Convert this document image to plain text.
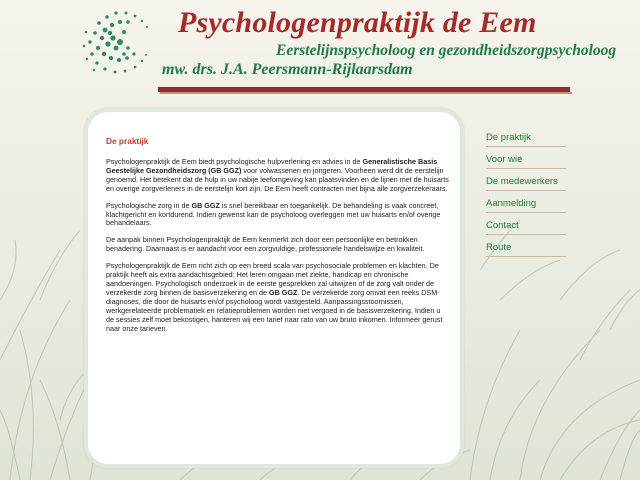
Psychologenpraktijk de Eem
Eerstelijnspsycholoog en gezondheidszorgpsycholoog
mw. drs. J.A. Peersmann-Rijlaarsdam
De praktijk

Psychologenpraktijk de Eem biedt psychologische hulpverlening en advies in de Generalistische Basis Geestelijke Gezondheidszorg (GB GGZ) voor volwassenen en jongeren. Voorheen werd dit de eerstelijn genoemd. Het betekent dat de hulp in uw nabije leefomgeving kan plaatsvinden en de lijnen met de huisarts en overige zorgverleners in de eerstelijn kort zijn. De Eem heeft contracten met bijna alle zorgverzekeraars.

Psychologische zorg in de GB GGZ is snel bereikbaar en toegankelijk. De behandeling is vaak concreet, klachtgericht en kortdurend. Indien gewenst kan de psycholoog overleggen met uw huisarts en/of overige behandelaars.

De aanpak binnen Psychologenpraktijk de Eem kenmerkt zich door een persoonlijke en betrokken benadering. Daarnaast is er aandacht voor een zorgvuldige, professionele handelswijze en kwaliteit.

Psychologenpraktijk de Eem richt zich op een breed scala van psychosociale problemen en klachten. De praktijk heeft als extra aandachtsgebied: Het leren omgaan met ziekte, handicap en chronische aandoeningen. Psychologisch onderzoek in de eerste gesprekken zal uitwijzen of de zorg valt onder de verzekerde zorg binnen de basisverzekering en de GB GGZ. De verzekerde zorg omvat een reeks DSM- diagnoses, die door de huisarts en/of psycholoog wordt vastgesteld. Aanpassingsstoornissen, werkgerelateerde problematiek en relatieproblemen worden niet vergoed in de basisverzekering. Indien u de sessies zelf moet bekostigen, hanteren wij een tarief naar rato van uw bruto inkomen. Informeer gerust naar onze tarieven.

De praktijk
Voor wie
De medewerkers
Aanmelding
Contact
Route
